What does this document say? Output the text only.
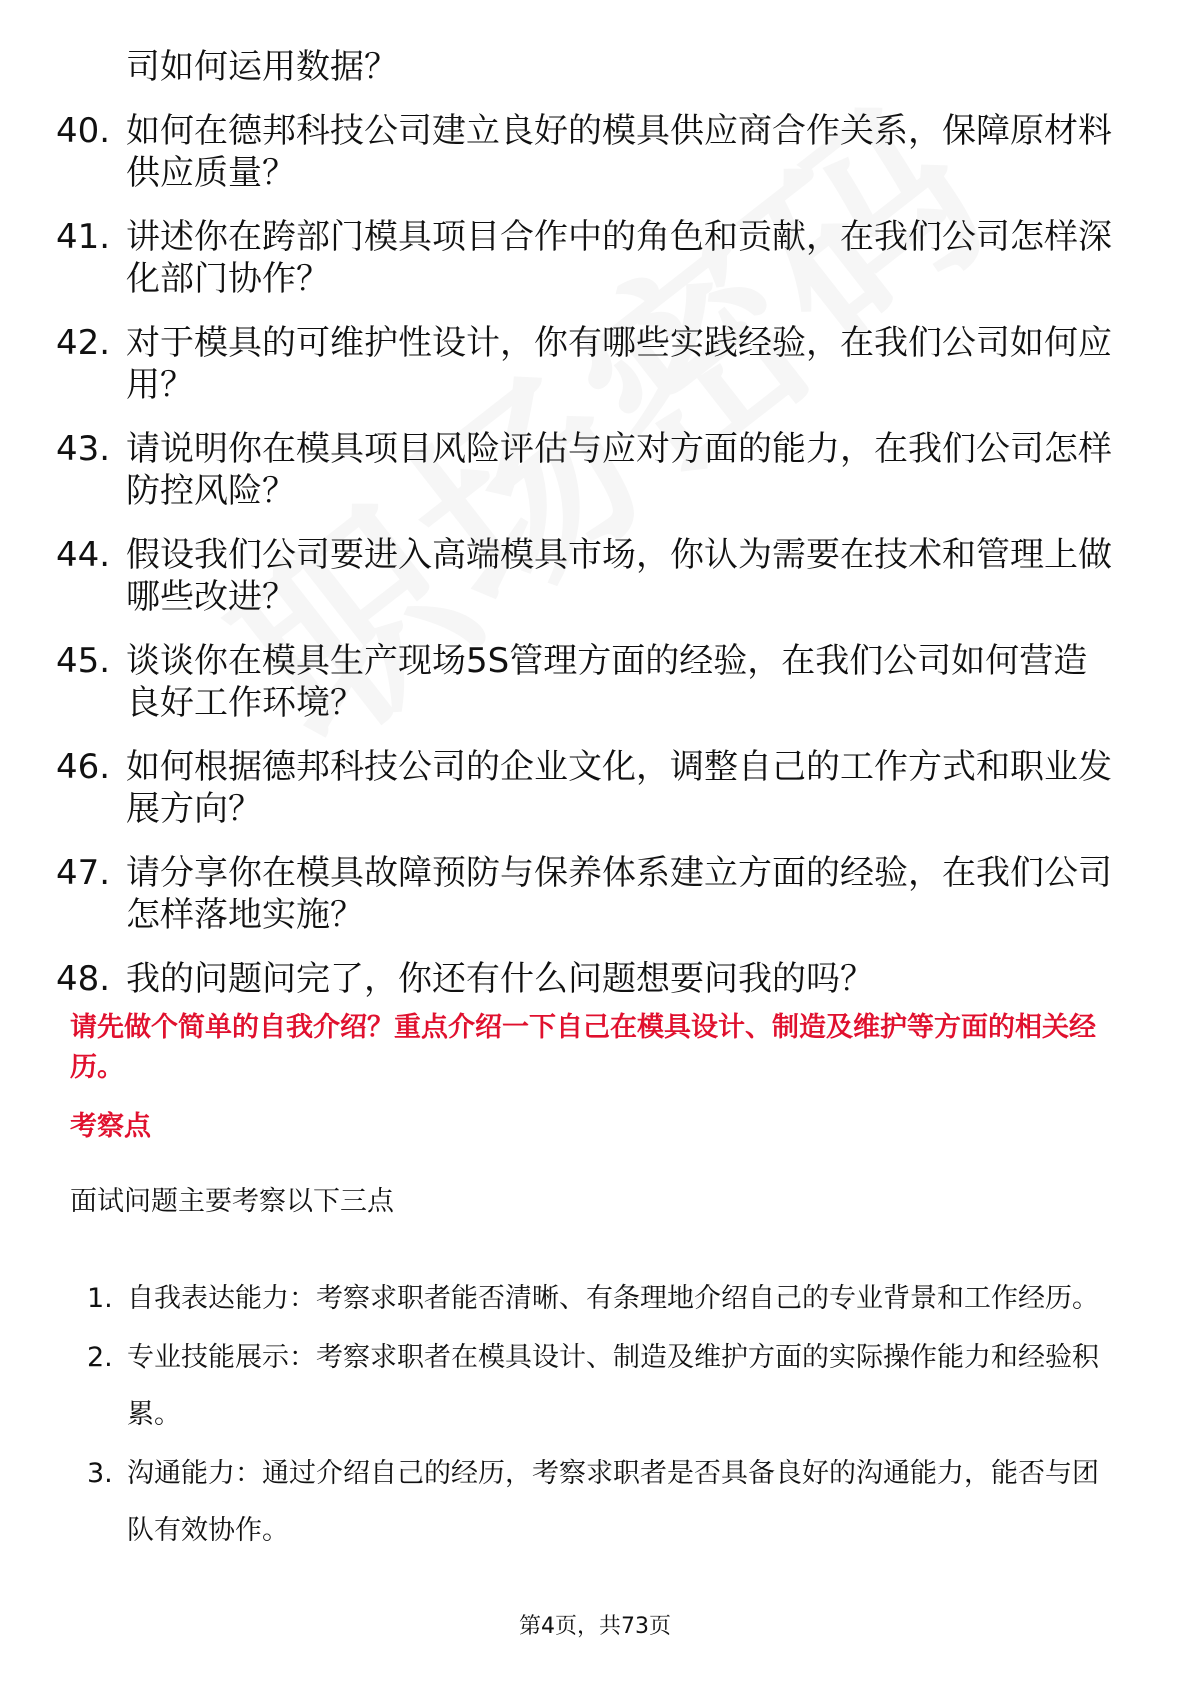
司如何运用数据？
40. 如何在德邦科技公司建立良好的模具供应商合作关系，保障原材料供应质量？
41. 讲述你在跨部门模具项目合作中的角色和贡献，在我们公司怎样深化部门协作？
42. 对于模具的可维护性设计，你有哪些实践经验，在我们公司如何应用？
43. 请说明你在模具项目风险评估与应对方面的能力，在我们公司怎样防控风险？
44. 假设我们公司要进入高端模具市场，你认为需要在技术和管理上做哪些改进？
45. 谈谈你在模具生产现场5S管理方面的经验，在我们公司如何营造良好工作环境？
46. 如何根据德邦科技公司的企业文化，调整自己的工作方式和职业发展方向？
47. 请分享你在模具故障预防与保养体系建立方面的经验，在我们公司怎样落地实施？
48. 我的问题问完了，你还有什么问题想要问我的吗？
请先做个简单的自我介绍？重点介绍一下自己在模具设计、制造及维护等方面的相关经历。
考察点
面试问题主要考察以下三点
1. 自我表达能力：考察求职者能否清晰、有条理地介绍自己的专业背景和工作经历。
2. 专业技能展示：考察求职者在模具设计、制造及维护方面的实际操作能力和经验积累。
3. 沟通能力：通过介绍自己的经历，考察求职者是否具备良好的沟通能力，能否与团队有效协作。
第4页，共73页
